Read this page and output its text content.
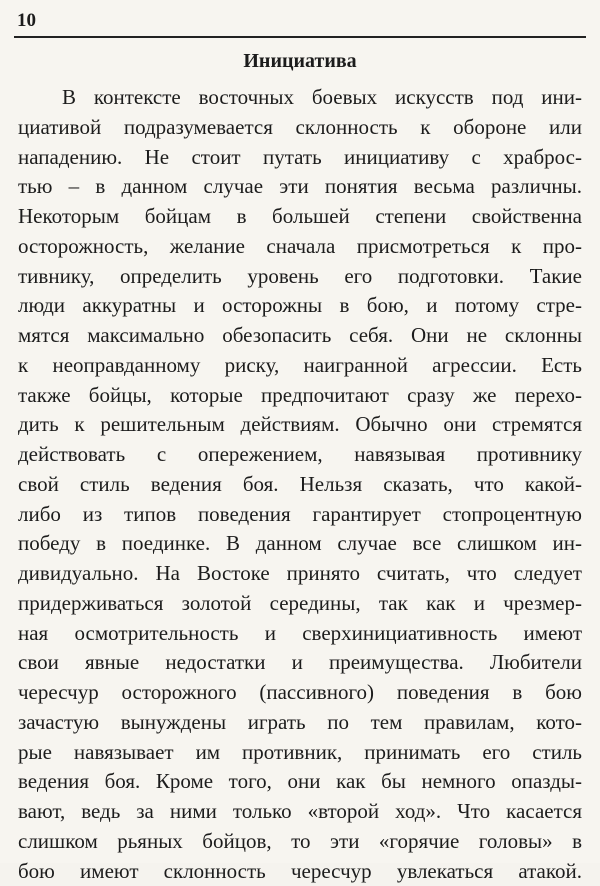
10
Инициатива
В контексте восточных боевых искусств под ини-
циативой подразумевается склонность к обороне или
нападению. Не стоит путать инициативу с храброс-
тью – в данном случае эти понятия весьма различны.
Некоторым бойцам в большей степени свойственна
осторожность, желание сначала присмотреться к про-
тивнику, определить уровень его подготовки. Такие
люди аккуратны и осторожны в бою, и потому стре-
мятся максимально обезопасить себя. Они не склонны
к неоправданному риску, наигранной агрессии. Есть
также бойцы, которые предпочитают сразу же перехо-
дить к решительным действиям. Обычно они стремятся
действовать с опережением, навязывая противнику
свой стиль ведения боя. Нельзя сказать, что какой-
либо из типов поведения гарантирует стопроцентную
победу в поединке. В данном случае все слишком ин-
дивидуально. На Востоке принято считать, что следует
придерживаться золотой середины, так как и чрезмер-
ная осмотрительность и сверхинициативность имеют
свои явные недостатки и преимущества. Любители
чересчур осторожного (пассивного) поведения в бою
зачастую вынуждены играть по тем правилам, кото-
рые навязывает им противник, принимать его стиль
ведения боя. Кроме того, они как бы немного опазды-
вают, ведь за ними только «второй ход». Что касается
слишком рьяных бойцов, то эти «горячие головы» в
бою имеют склонность чересчур увлекаться атакой.
